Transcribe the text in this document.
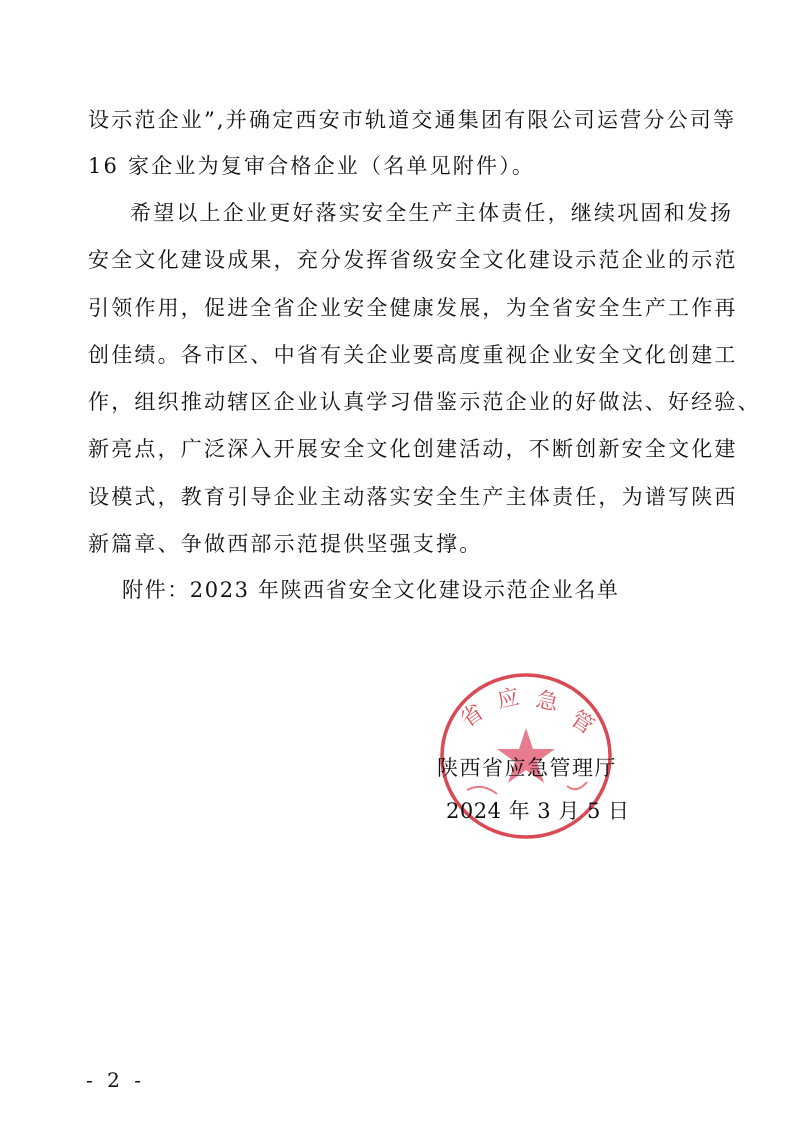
设示范企业”,并确定西安市轨道交通集团有限公司运营分公司等
16 家企业为复审合格企业（名单见附件）。
希望以上企业更好落实安全生产主体责任，继续巩固和发扬
安全文化建设成果，充分发挥省级安全文化建设示范企业的示范
引领作用，促进全省企业安全健康发展，为全省安全生产工作再
创佳绩。各市区、中省有关企业要高度重视企业安全文化创建工
作，组织推动辖区企业认真学习借鉴示范企业的好做法、好经验、
新亮点，广泛深入开展安全文化创建活动，不断创新安全文化建
设模式，教育引导企业主动落实安全生产主体责任，为谱写陕西
新篇章、争做西部示范提供坚强支撑。
附件：2023 年陕西省安全文化建设示范企业名单
省
应 急
管
陕西省应急管理厅
2024 年 3 月 5 日
- 2 -
